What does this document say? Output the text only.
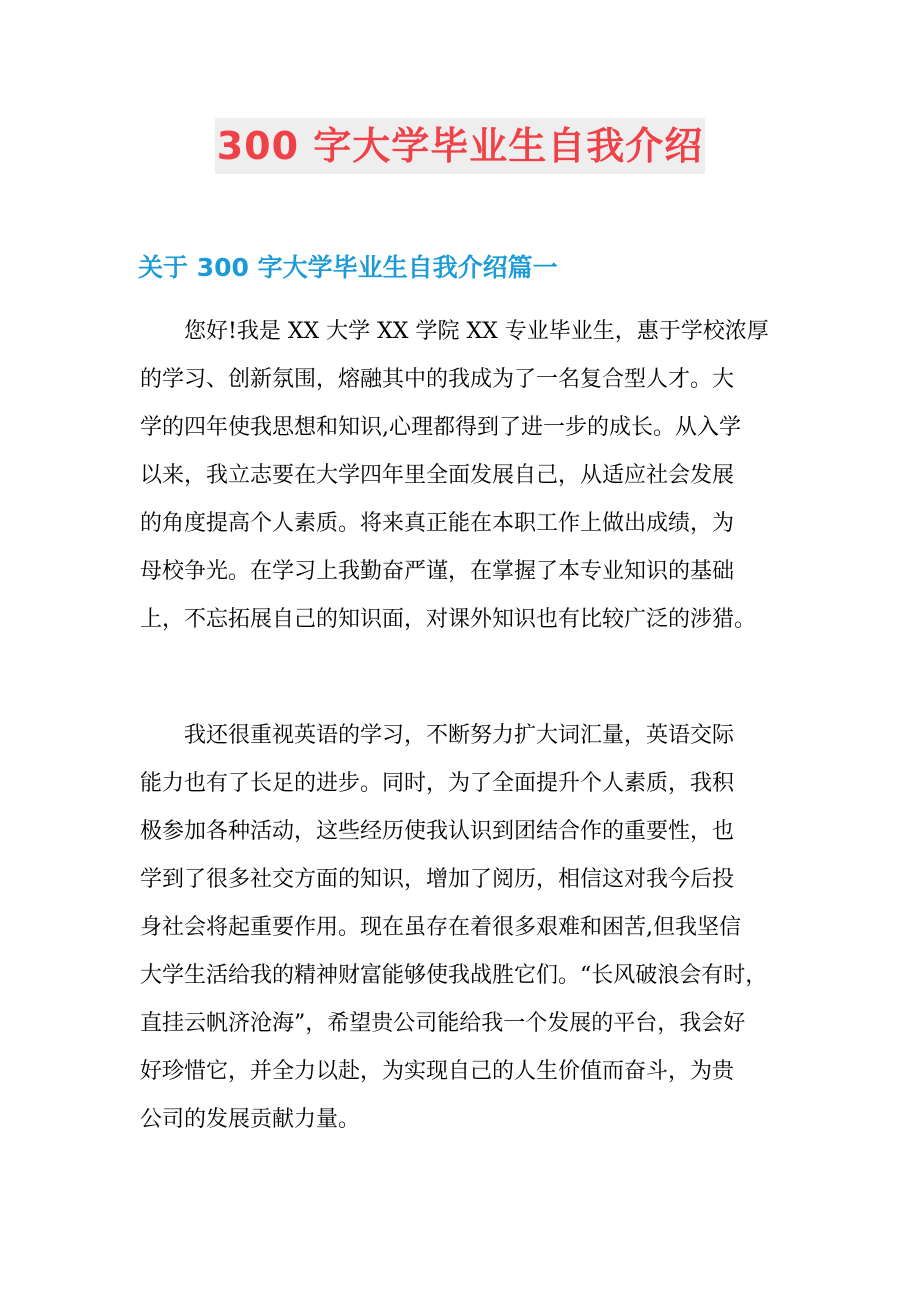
300 字大学毕业生自我介绍
关于 300 字大学毕业生自我介绍篇一
您好!我是 XX 大学 XX 学院 XX 专业毕业生，惠于学校浓厚
的学习、创新氛围，熔融其中的我成为了一名复合型人才。大
学的四年使我思想和知识,心理都得到了进一步的成长。从入学
以来，我立志要在大学四年里全面发展自己，从适应社会发展
的角度提高个人素质。将来真正能在本职工作上做出成绩，为
母校争光。在学习上我勤奋严谨，在掌握了本专业知识的基础
上，不忘拓展自己的知识面，对课外知识也有比较广泛的涉猎。
我还很重视英语的学习，不断努力扩大词汇量，英语交际
能力也有了长足的进步。同时，为了全面提升个人素质，我积
极参加各种活动，这些经历使我认识到团结合作的重要性，也
学到了很多社交方面的知识，增加了阅历，相信这对我今后投
身社会将起重要作用。现在虽存在着很多艰难和困苦,但我坚信
大学生活给我的精神财富能够使我战胜它们。“长风破浪会有时，
直挂云帆济沧海”，希望贵公司能给我一个发展的平台，我会好
好珍惜它，并全力以赴，为实现自己的人生价值而奋斗，为贵
公司的发展贡献力量。
